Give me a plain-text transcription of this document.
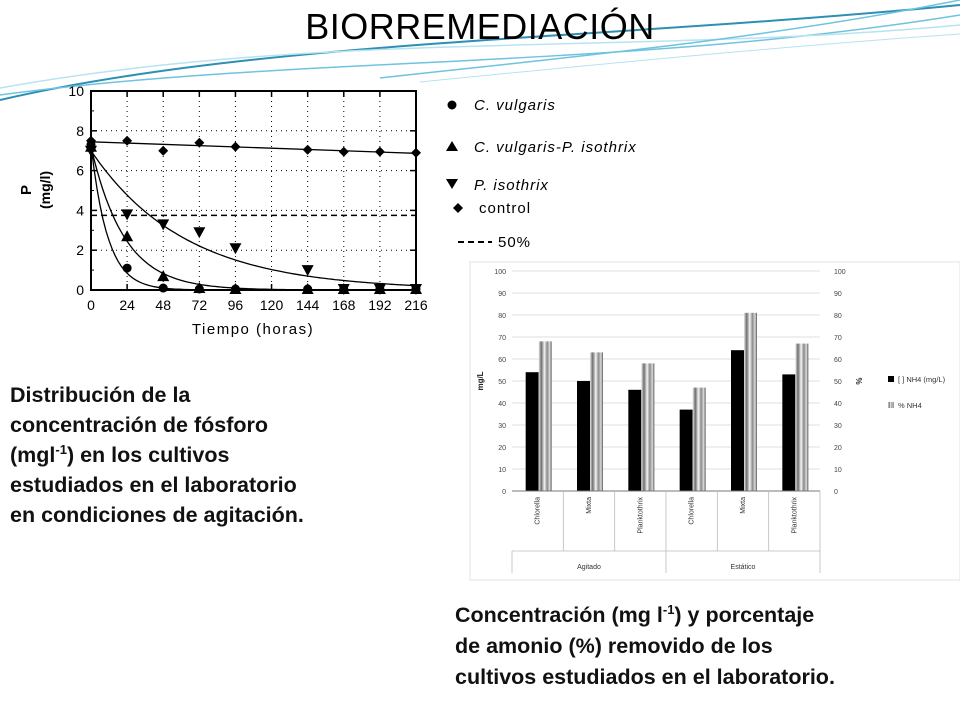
BIORREMEDIACIÓN
0
2
4
6
8
10
0 24 48 72 96 120 144 168 192 216
Tiempo (horas)
P (mg/l)
C. vulgaris
C. vulgaris-P. isothrix
P. isothrix
control
50%
Distribución de la
concentración de fósforo
(mgl$^{-1}$) en los cultivos
estudiados en el laboratorio
en condiciones de agitación.
0	0
10	10
20	20
30	30
40	40
50	50
60	60
70	70
80	80
90	90
100	100
Chlorella	Mixta	Planktothrix	Chlorella	Mixta	Planktothrix
Agitado	Estático
mg/L	%	[ ] NH4 (mg/L)
% NH4
Concentración (mg $l^{-1}$) y porcentaje
de amonio (%) removido de los
cultivos estudiados en el laboratorio.
